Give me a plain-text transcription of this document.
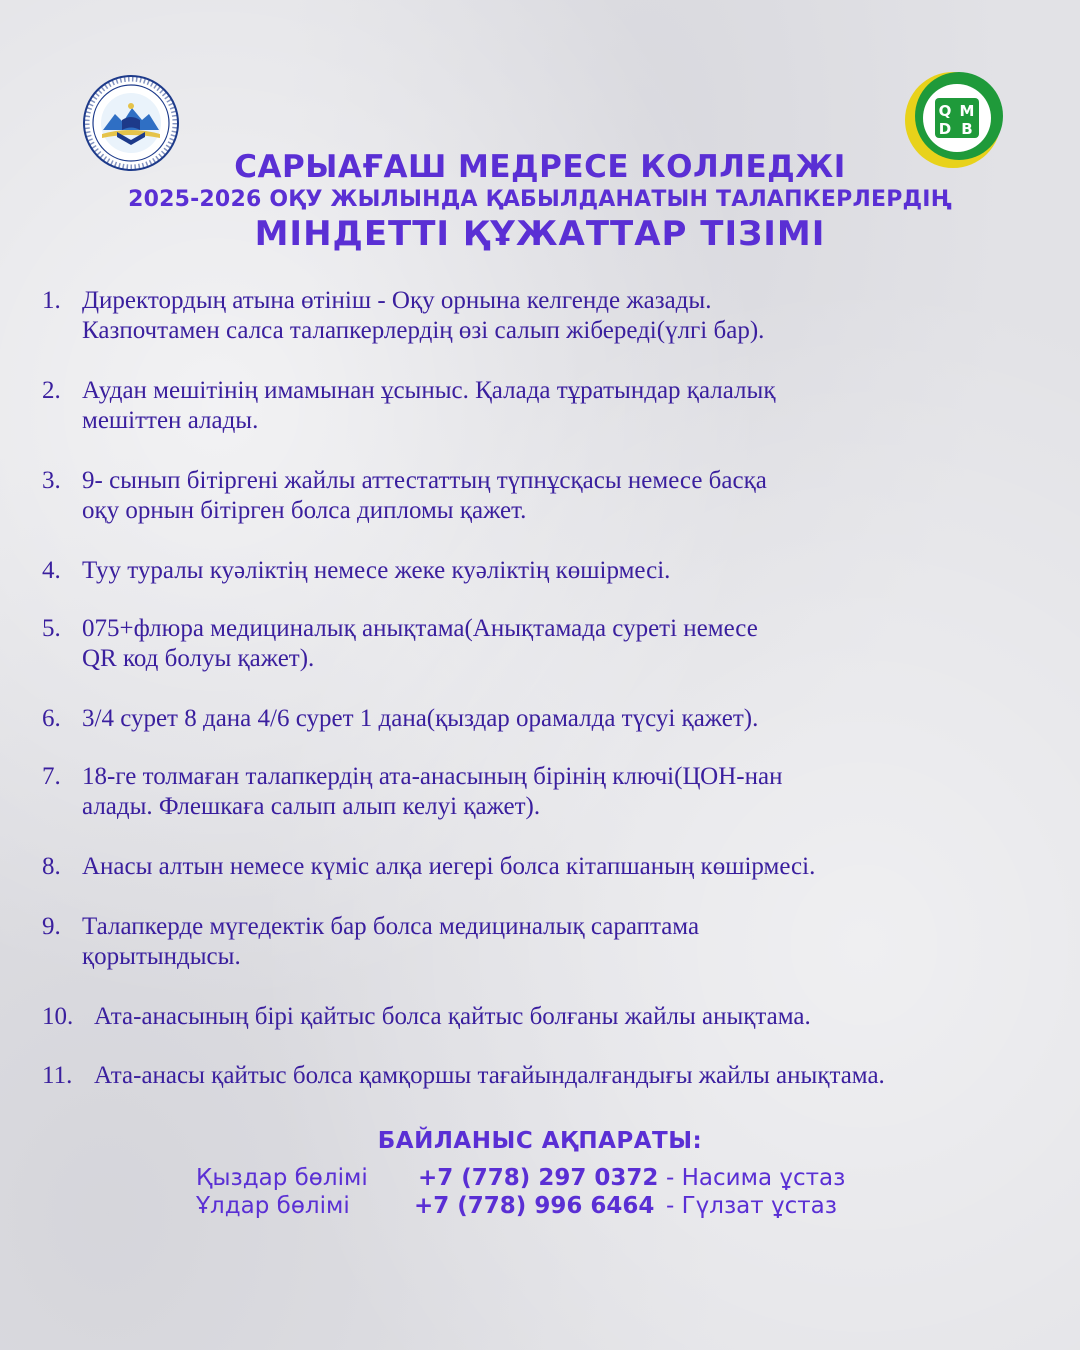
Q M
D B
САРЫАҒАШ МЕДРЕСЕ КОЛЛЕДЖІ
2025-2026 ОҚУ ЖЫЛЫНДА ҚАБЫЛДАНАТЫН ТАЛАПКЕРЛЕРДІҢ
МІНДЕТТІ ҚҰЖАТТАР ТІЗІМІ
1. Директордың атына өтініш - Оқу орнына келгенде жазады.
Казпочтамен салса талапкерлердің өзі салып жібереді(үлгі бар).
2. Аудан мешітінің имамынан ұсыныс. Қалада тұратындар қалалық
мешіттен алады.
3. 9- сынып бітіргені жайлы аттестаттың түпнұсқасы немесе басқа
оқу орнын бітірген болса дипломы қажет.
4. Туу туралы куәліктің немесе жеке куәліктің көшірмесі.
5. 075+флюра медициналық анықтама(Анықтамада суреті немесе
QR код болуы қажет).
6. 3/4 сурет 8 дана 4/6 сурет 1 дана(қыздар орамалда түсуі қажет).
7. 18-ге толмаған талапкердің ата-анасының бірінің ключі(ЦОН-нан
алады. Флешкаға салып алып келуі қажет).
8. Анасы алтын немесе күміс алқа иегері болса кітапшаның көшірмесі.
9. Талапкерде мүгедектік бар болса медициналық сараптама
қорытындысы.
10. Ата-анасының бірі қайтыс болса қайтыс болғаны жайлы анықтама.
11. Ата-анасы қайтыс болса қамқоршы тағайындалғандығы жайлы анықтама.
БАЙЛАНЫС АҚПАРАТЫ:
Қыздар бөлімі +7 (778) 297 0372 - Насима ұстаз
Ұлдар бөлімі	+7 (778) 996 6464 - Гүлзат ұстаз
